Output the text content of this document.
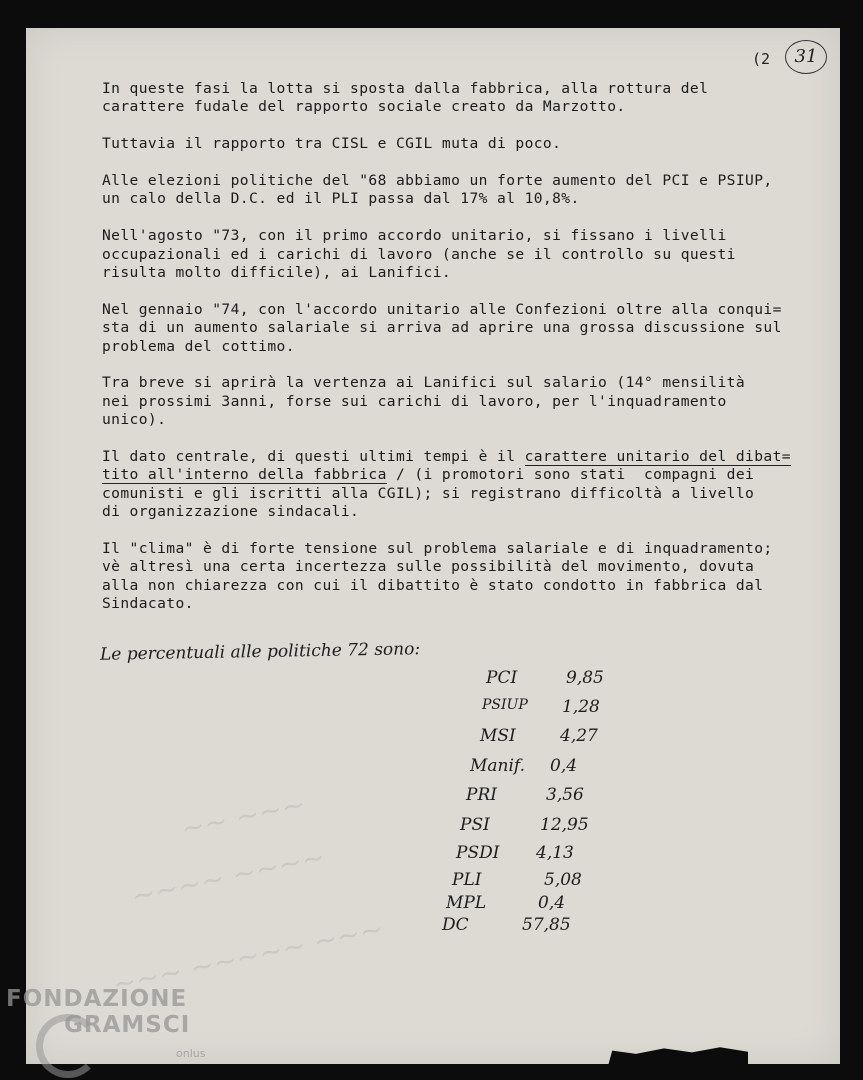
~~ ~~~
~~~~ ~~~~
~~~ ~~~~~ ~~~
(2	31

In queste fasi la lotta si sposta dalla fabbrica, alla rottura del
carattere fudale del rapporto sociale creato da Marzotto.

Tuttavia il rapporto tra CISL e CGIL muta di poco.

Alle elezioni politiche del "68 abbiamo un forte aumento del PCI e PSIUP,
un calo della D.C. ed il PLI passa dal 17% al 10,8%.

Nell'agosto "73, con il primo accordo unitario, si fissano i livelli
occupazionali ed i carichi di lavoro (anche se il controllo su questi
risulta molto difficile), ai Lanifici.

Nel gennaio "74, con l'accordo unitario alle Confezioni oltre alla conqui=
sta di un aumento salariale si arriva ad aprire una grossa discussione sul
problema del cottimo.

Tra breve si aprirà la vertenza ai Lanifici sul salario (14° mensilità
nei prossimi 3anni, forse sui carichi di lavoro, per l'inquadramento
unico).

Il dato centrale, di questi ultimi tempi è il carattere unitario del dibat=
tito all'interno della fabbrica / (i promotori sono stati  compagni dei
comunisti e gli iscritti alla CGIL); si registrano difficoltà a livello
di organizzazione sindacali.

Il "clima" è di forte tensione sul problema salariale e di inquadramento;
vè altresì una certa incertezza sulle possibilità del movimento, dovuta
alla non chiarezza con cui il dibattito è stato condotto in fabbrica dal
Sindacato.

Le percentuali alle politiche 72 sono:
PCI	9,85
PSIUP 1,28
MSI	4,27
Manif. 0,4
PRI	3,56
PSI	12,95
PSDI 4,13
PLI	5,08
MPL	0,4
DC	57,85
FONDAZIONE
GRAMSCI
onlus
